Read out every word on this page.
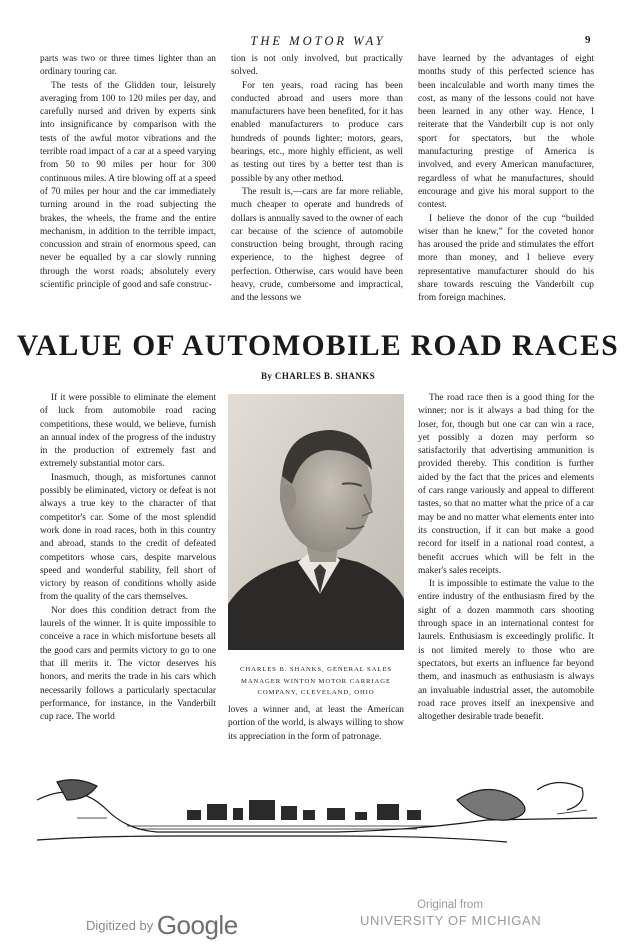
THE MOTOR WAY	9

parts was two or three times lighter than an ordinary touring car.

The tests of the Glidden tour, leisurely averaging from 100 to 120 miles per day, and carefully nursed and driven by experts sink into insignificance by comparison with the tests of the awful motor vibrations and the terrible road impact of a car at a speed varying from 50 to 90 miles per hour for 300 continuous miles. A tire blowing off at a speed of 70 miles per hour and the car immediately turning around in the road subjecting the brakes, the wheels, the frame and the entire mechanism, in addition to the terrible impact, concussion and strain of enormous speed, can never be equalled by a car slowly running through the worst roads; absolutely every scientific principle of good and safe construc-

tion is not only involved, but practically solved.

For ten years, road racing has been conducted abroad and users more than manufacturers have been benefited, for it has enabled manufacturers to produce cars hundreds of pounds lighter; motors, gears, bearings, etc., more highly efficient, as well as testing out tires by a better test than is possible by any other method.

The result is,—cars are far more reliable, much cheaper to operate and hundreds of dollars is annually saved to the owner of each car because of the science of automobile construction being brought, through racing experience, to the highest degree of perfection. Otherwise, cars would have been heavy, crude, cumbersome and impractical, and the lessons we

have learned by the advantages of eight months study of this perfected science has been incalculable and worth many times the cost, as many of the lessons could not have been learned in any other way. Hence, I reiterate that the Vanderbilt cup is not only sport for spectators, but the whole manufacturing prestige of America is involved, and every American manufacturer, regardless of what he manufactures, should encourage and give his moral support to the contest.

I believe the donor of the cup “builded wiser than he knew,” for the coveted honor has aroused the pride and stimulates the effort more than money, and I believe every representative manufacturer should do his share towards rescuing the Vanderbilt cup from foreign machines.

VALUE OF AUTOMOBILE ROAD RACES
By CHARLES B. SHANKS

If it were possible to eliminate the element of luck from automobile road racing competitions, these would, we believe, furnish an annual index of the progress of the industry in the production of extremely fast and extremely substantial motor cars.

Inasmuch, though, as misfortunes cannot possibly be eliminated, victory or defeat is not always a true key to the character of that competitor's car. Some of the most splendid work done in road races, both in this country and abroad, stands to the credit of defeated competitors whose cars, despite marvelous speed and wonderful stability, fell short of victory by reason of conditions wholly aside from the quality of the cars themselves.

Nor does this condition detract from the laurels of the winner. It is quite impossible to conceive a race in which misfortune besets all the good cars and permits victory to go to one that ill merits it. The victor deserves his honors, and merits the trade in his cars which necessarily follows a particularly spectacular performance, for instance, in the Vanderbilt cup race. The world

CHARLES B. SHANKS, GENERAL SALES MANAGER WINTON MOTOR CARRIAGE COMPANY, CLEVELAND, OHIO

loves a winner and, at least the American portion of the world, is always willing to show its appreciation in the form of patronage.

The road race then is a good thing for the winner; nor is it always a bad thing for the loser, for, though but one car can win a race, yet possibly a dozen may perform so satisfactorily that advertising ammunition is provided thereby. This condition is further aided by the fact that the prices and elements of cars range variously and appeal to different tastes, so that no matter what the price of a car may be and no matter what elements enter into its construction, if it can but make a good record for itself in a national road contest, a benefit accrues which will be felt in the maker's sales receipts.

It is impossible to estimate the value to the entire industry of the enthusiasm fired by the sight of a dozen mammoth cars shooting through space in an international contest for laurels. Enthusiasm is exceedingly prolific. It is not limited merely to those who are spectators, but exerts an influence far beyond them, and inasmuch as enthusiasm is always an invaluable industrial asset, the automobile road race proves itself an inexpensive and altogether desirable trade benefit.

Digitized by Google
Original from
UNIVERSITY OF MICHIGAN
